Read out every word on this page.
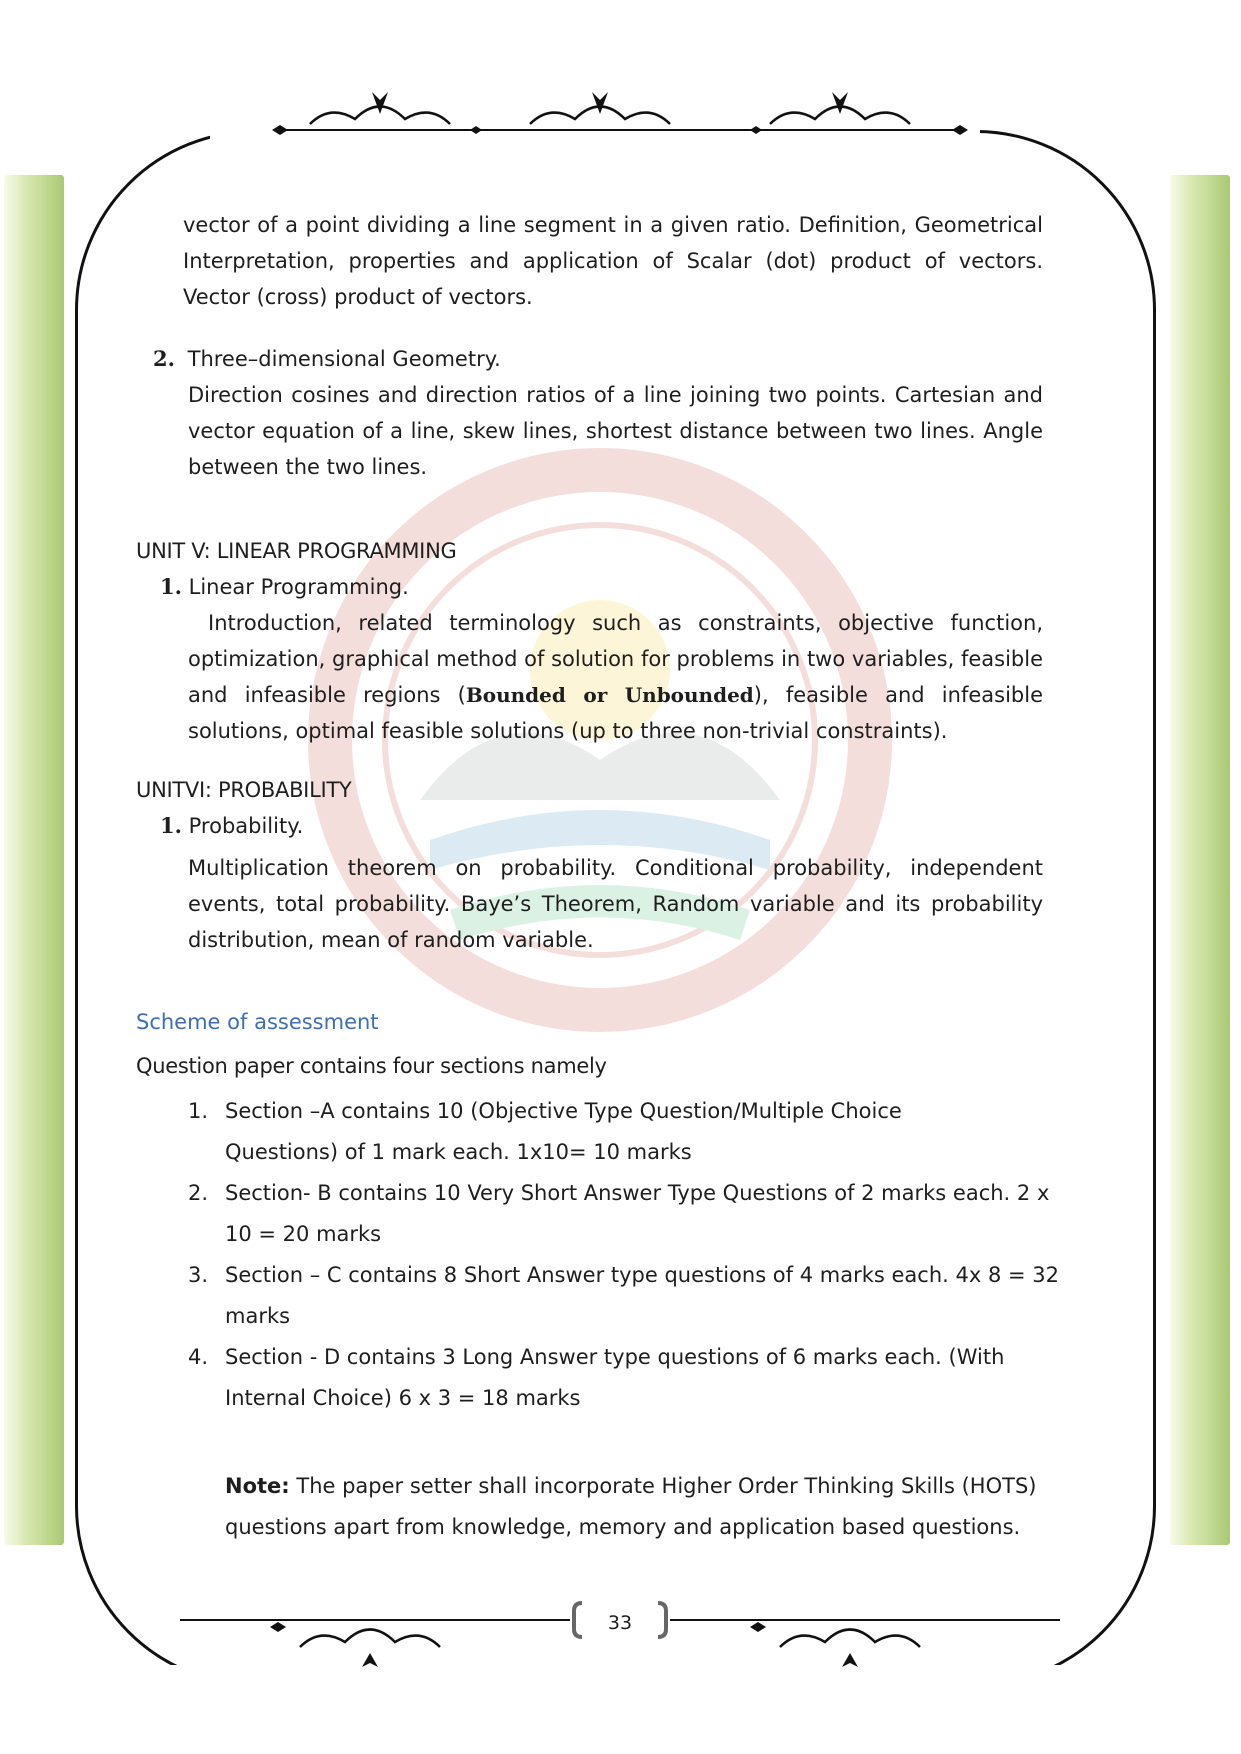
vector of a point dividing a line segment in a given ratio. Definition, Geometrical Interpretation, properties and application of Scalar (dot) product of vectors. Vector (cross) product of vectors.

2. Three–dimensional Geometry.

Direction cosines and direction ratios of a line joining two points. Cartesian and vector equation of a line, skew lines, shortest distance between two lines. Angle between the two lines.

UNIT V: LINEAR PROGRAMMING
1. Linear Programming.

Introduction, related terminology such as constraints, objective function, optimization, graphical method of solution for problems in two variables, feasible and infeasible regions (Bounded or Unbounded), feasible and infeasible solutions, optimal feasible solutions (up to three non-trivial constraints).

UNITVI: PROBABILITY
1. Probability.

Multiplication theorem on probability. Conditional probability, independent events, total probability. Baye’s Theorem, Random variable and its probability distribution, mean of random variable.

Scheme of assessment
Question paper contains four sections namely
1. Section –A contains 10 (Objective Type Question/Multiple Choice
Questions) of 1 mark each. 1x10= 10 marks
2. Section- B contains 10 Very Short Answer Type Questions of 2 marks each. 2 x
10 = 20 marks
3. Section – C contains 8 Short Answer type questions of 4 marks each. 4x 8 = 32
marks
4. Section - D contains 3 Long Answer type questions of 6 marks each. (With
Internal Choice) 6 x 3 = 18 marks
Note: The paper setter shall incorporate Higher Order Thinking Skills (HOTS)
questions apart from knowledge, memory and application based questions.
33
